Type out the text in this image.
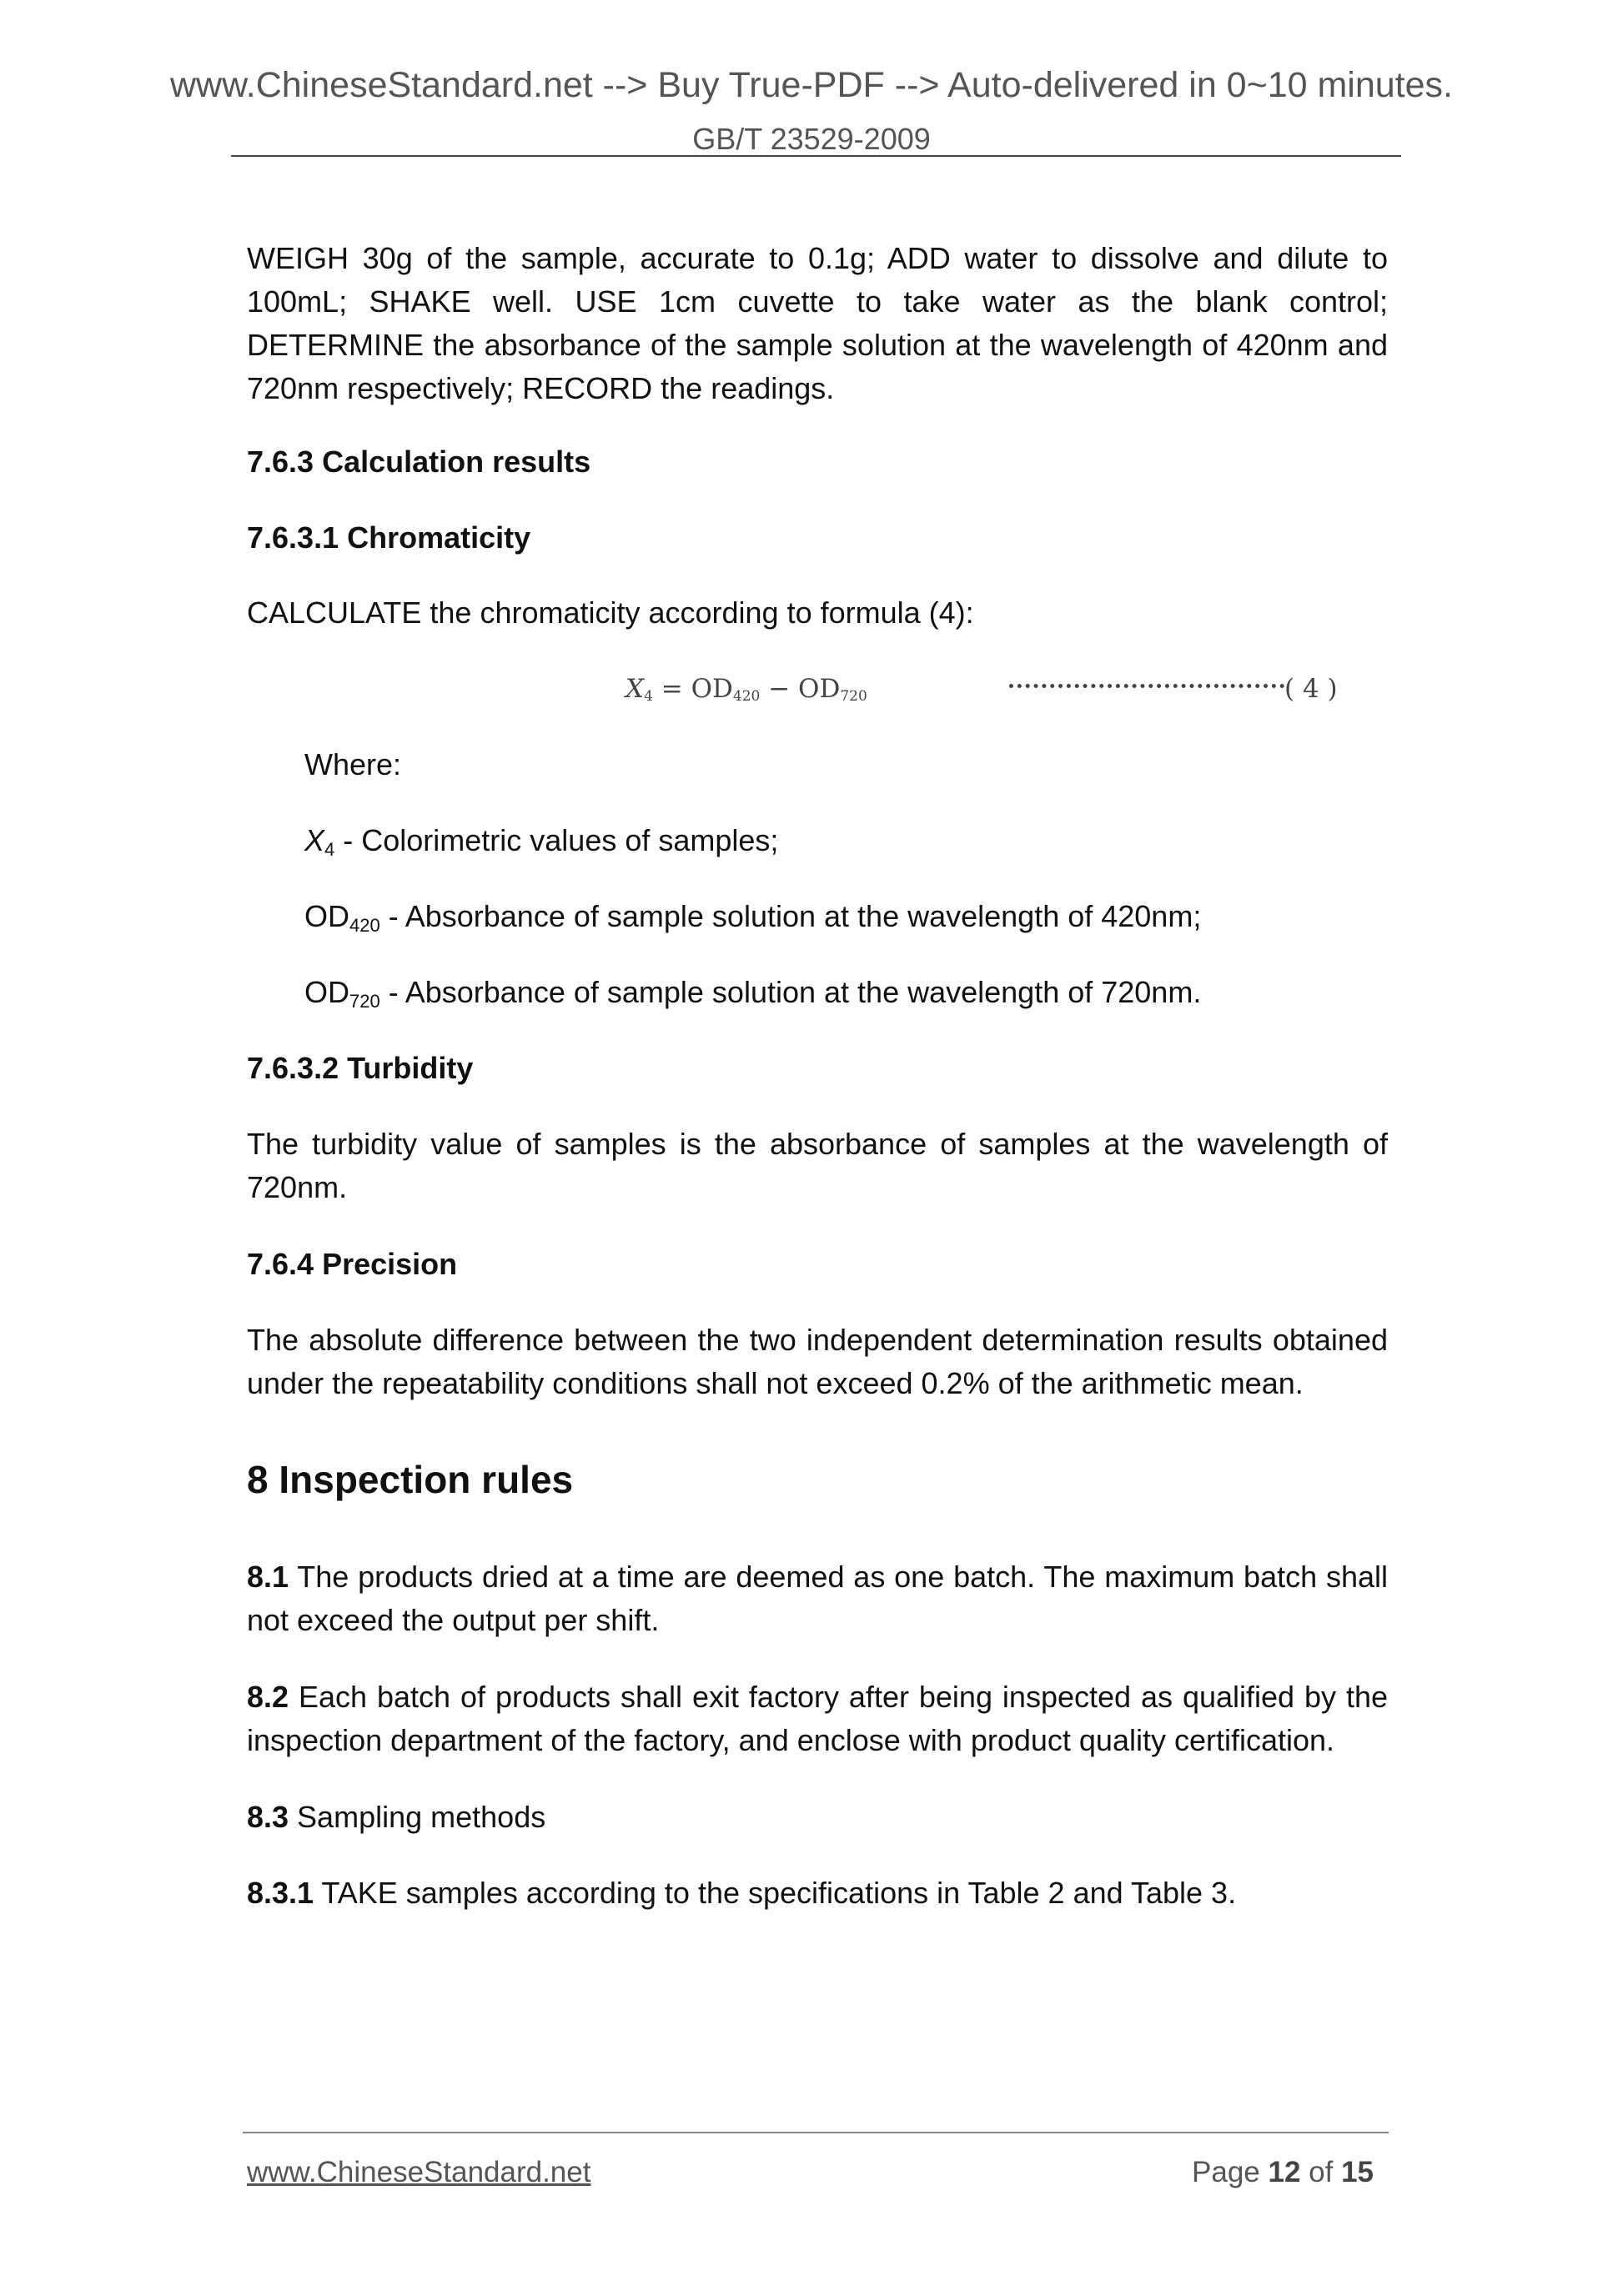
www.ChineseStandard.net --> Buy True-PDF --> Auto-delivered in 0~10 minutes.
GB/T 23529-2009
WEIGH 30g of the sample, accurate to 0.1g; ADD water to dissolve and dilute to 100mL; SHAKE well. USE 1cm cuvette to take water as the blank control; DETERMINE the absorbance of the sample solution at the wavelength of 420nm and 720nm respectively; RECORD the readings.
7.6.3 Calculation results
7.6.3.1 Chromaticity
CALCULATE the chromaticity according to formula (4):
$X_4 = OD_{420} - OD_{720}$	( 4 )
Where:
$X_4$ - Colorimetric values of samples;
$OD_{420}$ - Absorbance of sample solution at the wavelength of 420nm;
$OD_{720}$ - Absorbance of sample solution at the wavelength of 720nm.
7.6.3.2 Turbidity
The turbidity value of samples is the absorbance of samples at the wavelength of 720nm.
7.6.4 Precision
The absolute difference between the two independent determination results obtained under the repeatability conditions shall not exceed 0.2% of the arithmetic mean.
8 Inspection rules
8.1 The products dried at a time are deemed as one batch. The maximum batch shall not exceed the output per shift.
8.2 Each batch of products shall exit factory after being inspected as qualified by the inspection department of the factory, and enclose with product quality certification.
8.3 Sampling methods
8.3.1 TAKE samples according to the specifications in Table 2 and Table 3.
www.ChineseStandard.net	Page 12 of 15
